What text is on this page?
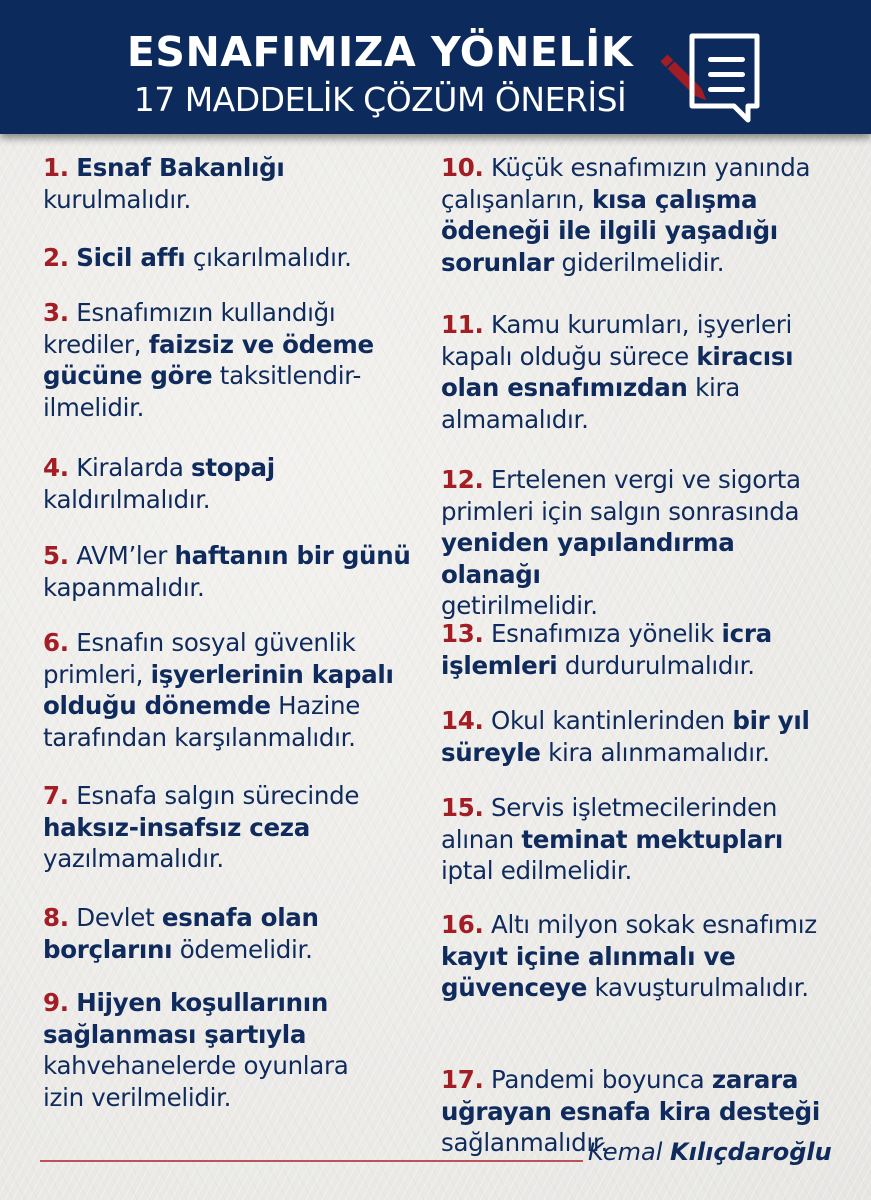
ESNAFIMIZA YÖNELİK
17 MADDELİK ÇÖZÜM ÖNERİSİ
1. Esnaf Bakanlığı
kurulmalıdır.
2. Sicil affı çıkarılmalıdır.
3. Esnafımızın kullandığı
krediler, faizsiz ve ödeme
gücüne göre taksitlendir-
ilmelidir.
4. Kiralarda stopaj
kaldırılmalıdır.
5. AVM’ler haftanın bir günü
kapanmalıdır.
6. Esnafın sosyal güvenlik
primleri, işyerlerinin kapalı
olduğu dönemde Hazine
tarafından karşılanmalıdır.
7. Esnafa salgın sürecinde
haksız-insafsız ceza
yazılmamalıdır.
8. Devlet esnafa olan
borçlarını ödemelidir.
9. Hijyen koşullarının
sağlanması şartıyla
kahvehanelerde oyunlara
izin verilmelidir.
10. Küçük esnafımızın yanında
çalışanların, kısa çalışma
ödeneği ile ilgili yaşadığı
sorunlar giderilmelidir.
11. Kamu kurumları, işyerleri
kapalı olduğu sürece kiracısı
olan esnafımızdan kira
almamalıdır.
12. Ertelenen vergi ve sigorta
primleri için salgın sonrasında
yeniden yapılandırma olanağı
getirilmelidir.
13. Esnafımıza yönelik icra
işlemleri durdurulmalıdır.
14. Okul kantinlerinden bir yıl
süreyle kira alınmamalıdır.
15. Servis işletmecilerinden
alınan teminat mektupları
iptal edilmelidir.
16. Altı milyon sokak esnafımız
kayıt içine alınmalı ve
güvenceye kavuşturulmalıdır.
17. Pandemi boyunca zarara
uğrayan esnafa kira desteği
sağlanmalıdır.
Kemal Kılıçdaroğlu
